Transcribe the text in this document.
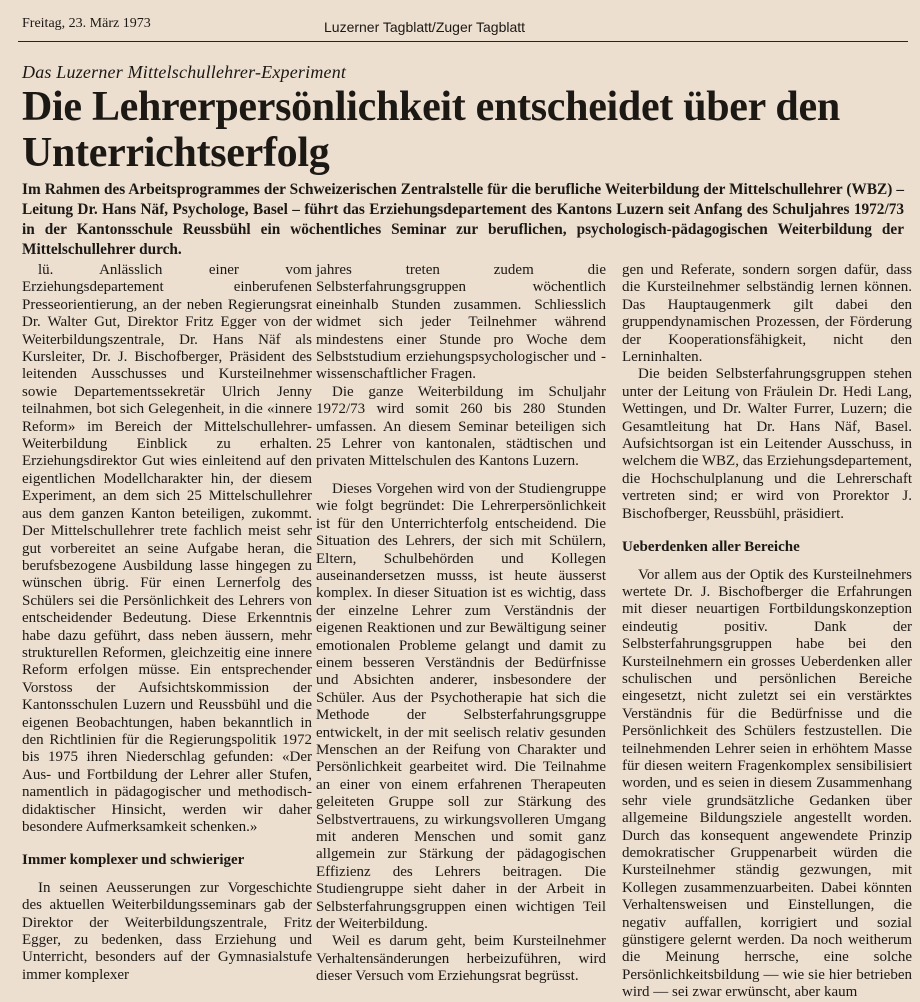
Freitag, 23. März 1973	Luzerner Tagblatt/Zuger Tagblatt
Das Luzerner Mittelschullehrer-Experiment
Die Lehrerpersönlichkeit entscheidet über den Unterrichtserfolg

Im Rahmen des Arbeitsprogrammes der Schweizerischen Zentralstelle für die berufliche Weiterbildung der Mittelschullehrer (WBZ) – Leitung Dr. Hans Näf, Psychologe, Basel – führt das Erziehungsdepartement des Kantons Luzern seit Anfang des Schuljahres 1972/73 in der Kantonsschule Reussbühl ein wöchentliches Seminar zur beruflichen, psychologisch-pädagogischen Weiterbildung der Mittelschullehrer durch.

lü. Anlässlich einer vom Erziehungsdepartement einberufenen Presseorientierung, an der neben Regierungsrat Dr. Walter Gut, Direktor Fritz Egger von der Weiterbildungszentrale, Dr. Hans Näf als Kursleiter, Dr. J. Bischofberger, Präsident des leitenden Ausschusses und Kursteilnehmer sowie Departementssekretär Ulrich Jenny teilnahmen, bot sich Gelegenheit, in die «innere Reform» im Bereich der Mittelschullehrer-Weiterbildung Einblick zu erhalten. Erziehungsdirektor Gut wies einleitend auf den eigentlichen Modellcharakter hin, der diesem Experiment, an dem sich 25 Mittelschullehrer aus dem ganzen Kanton beteiligen, zukommt. Der Mittelschullehrer trete fachlich meist sehr gut vorbereitet an seine Aufgabe heran, die berufsbezogene Ausbildung lasse hingegen zu wünschen übrig. Für einen Lernerfolg des Schülers sei die Persönlichkeit des Lehrers von entscheidender Bedeutung. Diese Erkenntnis habe dazu geführt, dass neben äussern, mehr strukturellen Reformen, gleichzeitig eine innere Reform erfolgen müsse. Ein entsprechender Vorstoss der Aufsichtskommission der Kantonsschulen Luzern und Reussbühl und die eigenen Beobachtungen, haben bekanntlich in den Richtlinien für die Regierungspolitik 1972 bis 1975 ihren Niederschlag gefunden: «Der Aus- und Fortbildung der Lehrer aller Stufen, namentlich in pädagogischer und methodisch-didaktischer Hinsicht, werden wir daher besondere Aufmerksamkeit schenken.»

Immer komplexer und schwieriger

In seinen Aeusserungen zur Vorgeschichte des aktuellen Weiterbildungsseminars gab der Direktor der Weiterbildungszentrale, Fritz Egger, zu bedenken, dass Erziehung und Unterricht, besonders auf der Gymnasialstufe immer komplexer

jahres treten zudem die Selbsterfahrungsgruppen wöchentlich eineinhalb Stunden zusammen. Schliesslich widmet sich jeder Teilnehmer während mindestens einer Stunde pro Woche dem Selbststudium erziehungspsychologischer und -wissenschaftlicher Fragen.

Die ganze Weiterbildung im Schuljahr 1972/73 wird somit 260 bis 280 Stunden umfassen. An diesem Seminar beteiligen sich 25 Lehrer von kantonalen, städtischen und privaten Mittelschulen des Kantons Luzern.

Dieses Vorgehen wird von der Studiengruppe wie folgt begründet: Die Lehrerpersönlichkeit ist für den Unterrichterfolg entscheidend. Die Situation des Lehrers, der sich mit Schülern, Eltern, Schulbehörden und Kollegen auseinandersetzen musss, ist heute äusserst komplex. In dieser Situation ist es wichtig, dass der einzelne Lehrer zum Verständnis der eigenen Reaktionen und zur Bewältigung seiner emotionalen Probleme gelangt und damit zu einem besseren Verständnis der Bedürfnisse und Absichten anderer, insbesondere der Schüler. Aus der Psychotherapie hat sich die Methode der Selbsterfahrungsgruppe entwickelt, in der mit seelisch relativ gesunden Menschen an der Reifung von Charakter und Persönlichkeit gearbeitet wird. Die Teilnahme an einer von einem erfahrenen Therapeuten geleiteten Gruppe soll zur Stärkung des Selbstvertrauens, zu wirkungsvolleren Umgang mit anderen Menschen und somit ganz allgemein zur Stärkung der pädagogischen Effizienz des Lehrers beitragen. Die Studiengruppe sieht daher in der Arbeit in Selbsterfahrungsgruppen einen wichtigen Teil der Weiterbildung.

Weil es darum geht, beim Kursteilnehmer Verhaltensänderungen herbeizuführen, wird dieser Versuch vom Erziehungsrat begrüsst.

gen und Referate, sondern sorgen dafür, dass die Kursteilnehmer selbständig lernen können. Das Hauptaugenmerk gilt dabei den gruppendynamischen Prozessen, der Förderung der Kooperationsfähigkeit, nicht den Lerninhalten.

Die beiden Selbsterfahrungsgruppen stehen unter der Leitung von Fräulein Dr. Hedi Lang, Wettingen, und Dr. Walter Furrer, Luzern; die Gesamtleitung hat Dr. Hans Näf, Basel. Aufsichtsorgan ist ein Leitender Ausschuss, in welchem die WBZ, das Erziehungsdepartement, die Hochschulplanung und die Lehrerschaft vertreten sind; er wird von Prorektor J. Bischofberger, Reussbühl, präsidiert.

Ueberdenken aller Bereiche

Vor allem aus der Optik des Kursteilnehmers wertete Dr. J. Bischofberger die Erfahrungen mit dieser neuartigen Fortbildungskonzeption eindeutig positiv. Dank der Selbsterfahrungsgruppen habe bei den Kursteilnehmern ein grosses Ueberdenken aller schulischen und persönlichen Bereiche eingesetzt, nicht zuletzt sei ein verstärktes Verständnis für die Bedürfnisse und die Persönlichkeit des Schülers festzustellen. Die teilnehmenden Lehrer seien in erhöhtem Masse für diesen weitern Fragenkomplex sensibilisiert worden, und es seien in diesem Zusammenhang sehr viele grundsätzliche Gedanken über allgemeine Bildungsziele angestellt worden. Durch das konsequent angewendete Prinzip demokratischer Gruppenarbeit würden die Kursteilnehmer ständig gezwungen, mit Kollegen zusammenzuarbeiten. Dabei könnten Verhaltensweisen und Einstellungen, die negativ auffallen, korrigiert und sozial günstigere gelernt werden. Da noch weitherum die Meinung herrsche, eine solche Persönlichkeitsbildung — wie sie hier betrieben wird — sei zwar erwünscht, aber kaum
